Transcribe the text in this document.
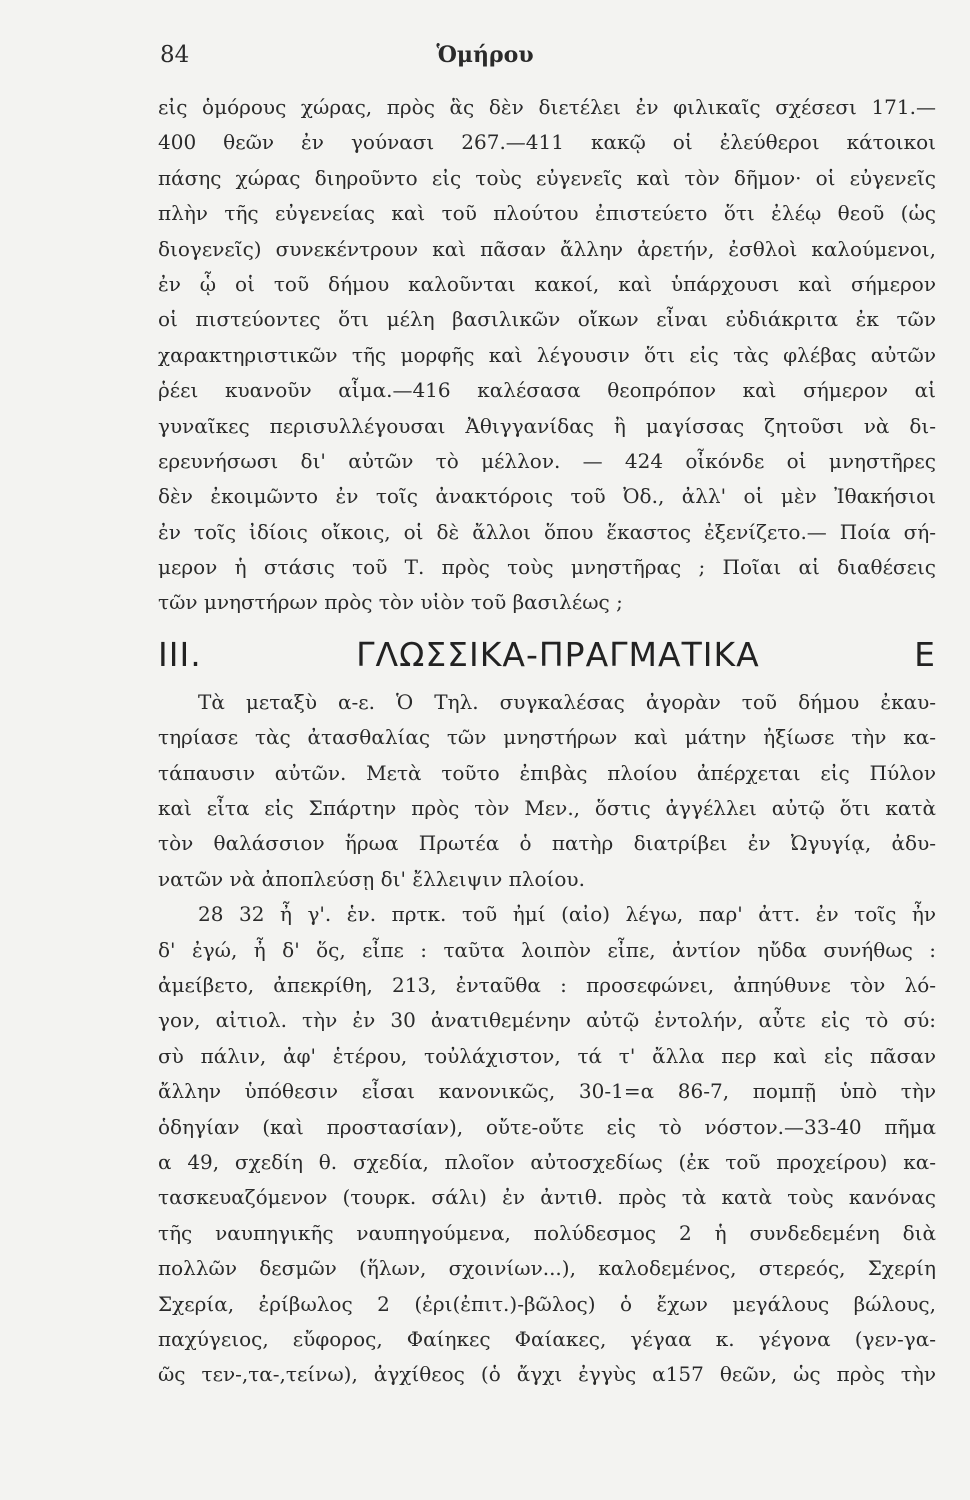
84	Ὁμήρου
εἰς ὁμόρους χώρας, πρὸς ἃς δὲν διετέλει ἐν φιλικαῖς σχέσεσι 171.—
400 θεῶν ἐν γούνασι 267.—411 κακῷ οἱ ἐλεύθεροι κάτοικοι
πάσης χώρας διηροῦντο εἰς τοὺς εὐγενεῖς καὶ τὸν δῆμον· οἱ εὐγενεῖς
πλὴν τῆς εὐγενείας καὶ τοῦ πλούτου ἐπιστεύετο ὅτι ἐλέῳ θεοῦ (ὡς
διογενεῖς) συνεκέντρουν καὶ πᾶσαν ἄλλην ἀρετήν, ἐσθλοὶ καλούμενοι,
ἐν ᾧ οἱ τοῦ δήμου καλοῦνται κακοί, καὶ ὑπάρχουσι καὶ σήμερον
οἱ πιστεύοντες ὅτι μέλη βασιλικῶν οἴκων εἶναι εὐδιάκριτα ἐκ τῶν
χαρακτηριστικῶν τῆς μορφῆς καὶ λέγουσιν ὅτι εἰς τὰς φλέβας αὐτῶν
ῥέει κυανοῦν αἷμα.—416 καλέσασα θεοπρόπον καὶ σήμερον αἱ
γυναῖκες περισυλλέγουσαι Ἀθιγγανίδας ἢ μαγίσσας ζητοῦσι νὰ δι-
ερευνήσωσι δι' αὐτῶν τὸ μέλλον. — 424 οἶκόνδε οἱ μνηστῆρες
δὲν ἐκοιμῶντο ἐν τοῖς ἀνακτόροις τοῦ Ὀδ., ἀλλ' οἱ μὲν Ἰθακήσιοι
ἐν τοῖς ἰδίοις οἴκοις, οἱ δὲ ἄλλοι ὅπου ἕκαστος ἐξενίζετο.— Ποία σή-
μερον ἡ στάσις τοῦ Τ. πρὸς τοὺς μνηστῆρας ; Ποῖαι αἱ διαθέσεις
τῶν μνηστήρων πρὸς τὸν υἱὸν τοῦ βασιλέως ;
III. ΓΛΩΣΣΙΚΑ-ΠΡΑΓΜΑΤΙΚΑ Ε
Τὰ μεταξὺ α-ε. Ὁ Τηλ. συγκαλέσας ἀγορὰν τοῦ δήμου ἐκαυ-
τηρίασε τὰς ἀτασθαλίας τῶν μνηστήρων καὶ μάτην ἠξίωσε τὴν κα-
τάπαυσιν αὐτῶν. Μετὰ τοῦτο ἐπιβὰς πλοίου ἀπέρχεται εἰς Πύλον
καὶ εἶτα εἰς Σπάρτην πρὸς τὸν Μεν., ὅστις ἀγγέλλει αὐτῷ ὅτι κατὰ
τὸν θαλάσσιον ἥρωα Πρωτέα ὁ πατὴρ διατρίβει ἐν Ὠγυγίᾳ, ἀδυ-
νατῶν νὰ ἀποπλεύσῃ δι' ἔλλειψιν πλοίου.
28 32 ἦ γ'. ἑν. πρτκ. τοῦ ἠμί (αἰο) λέγω, παρ' ἀττ. ἐν τοῖς ἦν
δ' ἐγώ, ἦ δ' ὅς, εἶπε : ταῦτα λοιπὸν εἶπε, ἀντίον ηὔδα συνήθως :
ἀμείβετο, ἀπεκρίθη, 213, ἐνταῦθα : προσεφώνει, ἀπηύθυνε τὸν λό-
γον, αἰτιολ. τὴν ἐν 30 ἀνατιθεμένην αὐτῷ ἐντολήν, αὖτε εἰς τὸ σύ:
σὺ πάλιν, ἀφ' ἑτέρου, τοὐλάχιστον, τά τ' ἄλλα περ καὶ εἰς πᾶσαν
ἄλλην ὑπόθεσιν εἶσαι κανονικῶς, 30-1=α 86-7, πομπῇ ὑπὸ τὴν
ὁδηγίαν (καὶ προστασίαν), οὔτε-οὔτε εἰς τὸ νόστον.—33-40 πῆμα
α 49, σχεδίη θ. σχεδία, πλοῖον αὐτοσχεδίως (ἐκ τοῦ προχείρου) κα-
τασκευαζόμενον (τουρκ. σάλι) ἐν ἀντιθ. πρὸς τὰ κατὰ τοὺς κανόνας
τῆς ναυπηγικῆς ναυπηγούμενα, πολύδεσμος 2 ἡ συνδεδεμένη διὰ
πολλῶν δεσμῶν (ἥλων, σχοινίων...), καλοδεμένος, στερεός, Σχερίη
Σχερία, ἐρίβωλος 2 (ἐρι(ἐπιτ.)-βῶλος) ὁ ἔχων μεγάλους βώλους,
παχύγειος, εὔφορος, Φαίηκες Φαίακες, γέγαα κ. γέγονα (γεν-γα-
ῶς τεν-,τα-,τείνω), ἀγχίθεος (ὁ ἄγχι ἐγγὺς α157 θεῶν, ὡς πρὸς τὴν
